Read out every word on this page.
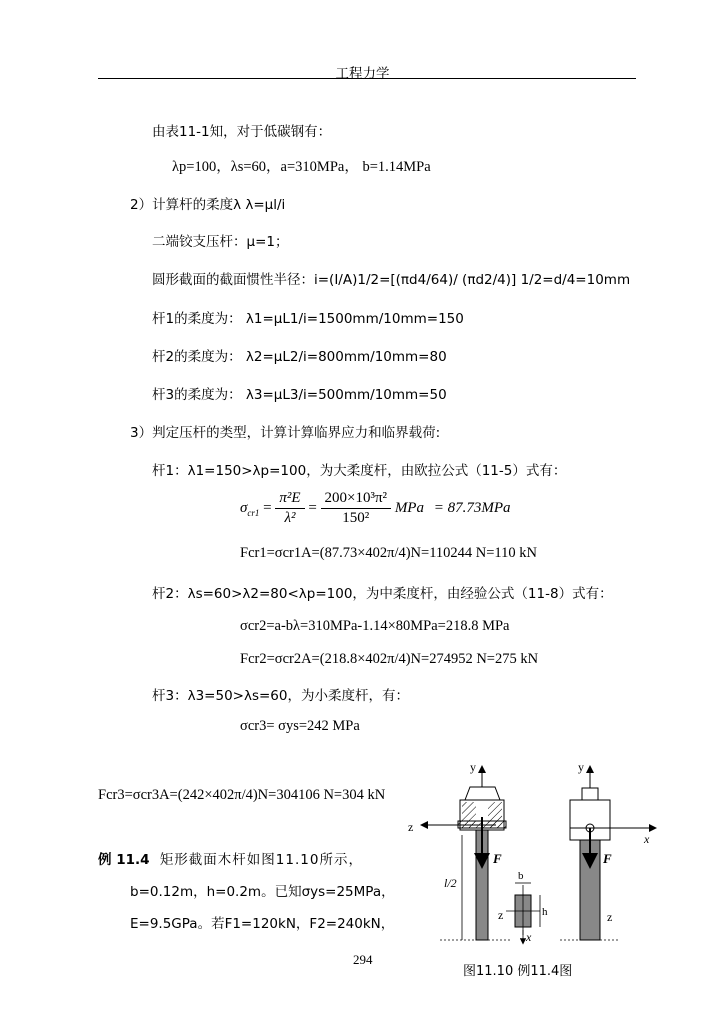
工程力学
由表11-1知，对于低碳钢有：
λp=100，λs=60，a=310MPa， b=1.14MPa
2）计算杆的柔度λ λ=μl/i
二端铰支压杆：μ=1；
圆形截面的截面惯性半径：i=(I/A)1/2=[(πd4/64)/ (πd2/4)] 1/2=d/4=10mm
杆1的柔度为： λ1=μL1/i=1500mm/10mm=150
杆2的柔度为： λ2=μL2/i=800mm/10mm=80
杆3的柔度为： λ3=μL3/i=500mm/10mm=50
3）判定压杆的类型，计算计算临界应力和临界载荷:
杆1：λ1=150>λp=100，为大柔度杆，由欧拉公式（11-5）式有：
$\sigma_{cr1} = \frac{\text{π²E}}{\text{λ²}} = \frac{\text{200×10³π²}}{\text{150²}}$ MPa = 87.73MPa
Fcr1=σcr1A=(87.73×402π/4)N=110244 N=110 kN
杆2：λs=60>λ2=80<λp=100，为中柔度杆，由经验公式（11-8）式有：
σcr2=a-bλ=310MPa-1.14×80MPa=218.8 MPa
Fcr2=σcr2A=(218.8×402π/4)N=274952 N=275 kN
杆3：λ3=50>λs=60，为小柔度杆，有：
σcr3= σys=242 MPa
Fcr3=σcr3A=(242×402π/4)N=304106 N=304 kN
例 11.4 矩形截面木杆如图11.10所示，
b=0.12m，h=0.2m。已知σys=25MPa，
E=9.5GPa。若F1=120kN，F2=240kN，
294
y
z
F
l/2
x
z
b
h
y
x
F
z
图11.10 例11.4图
